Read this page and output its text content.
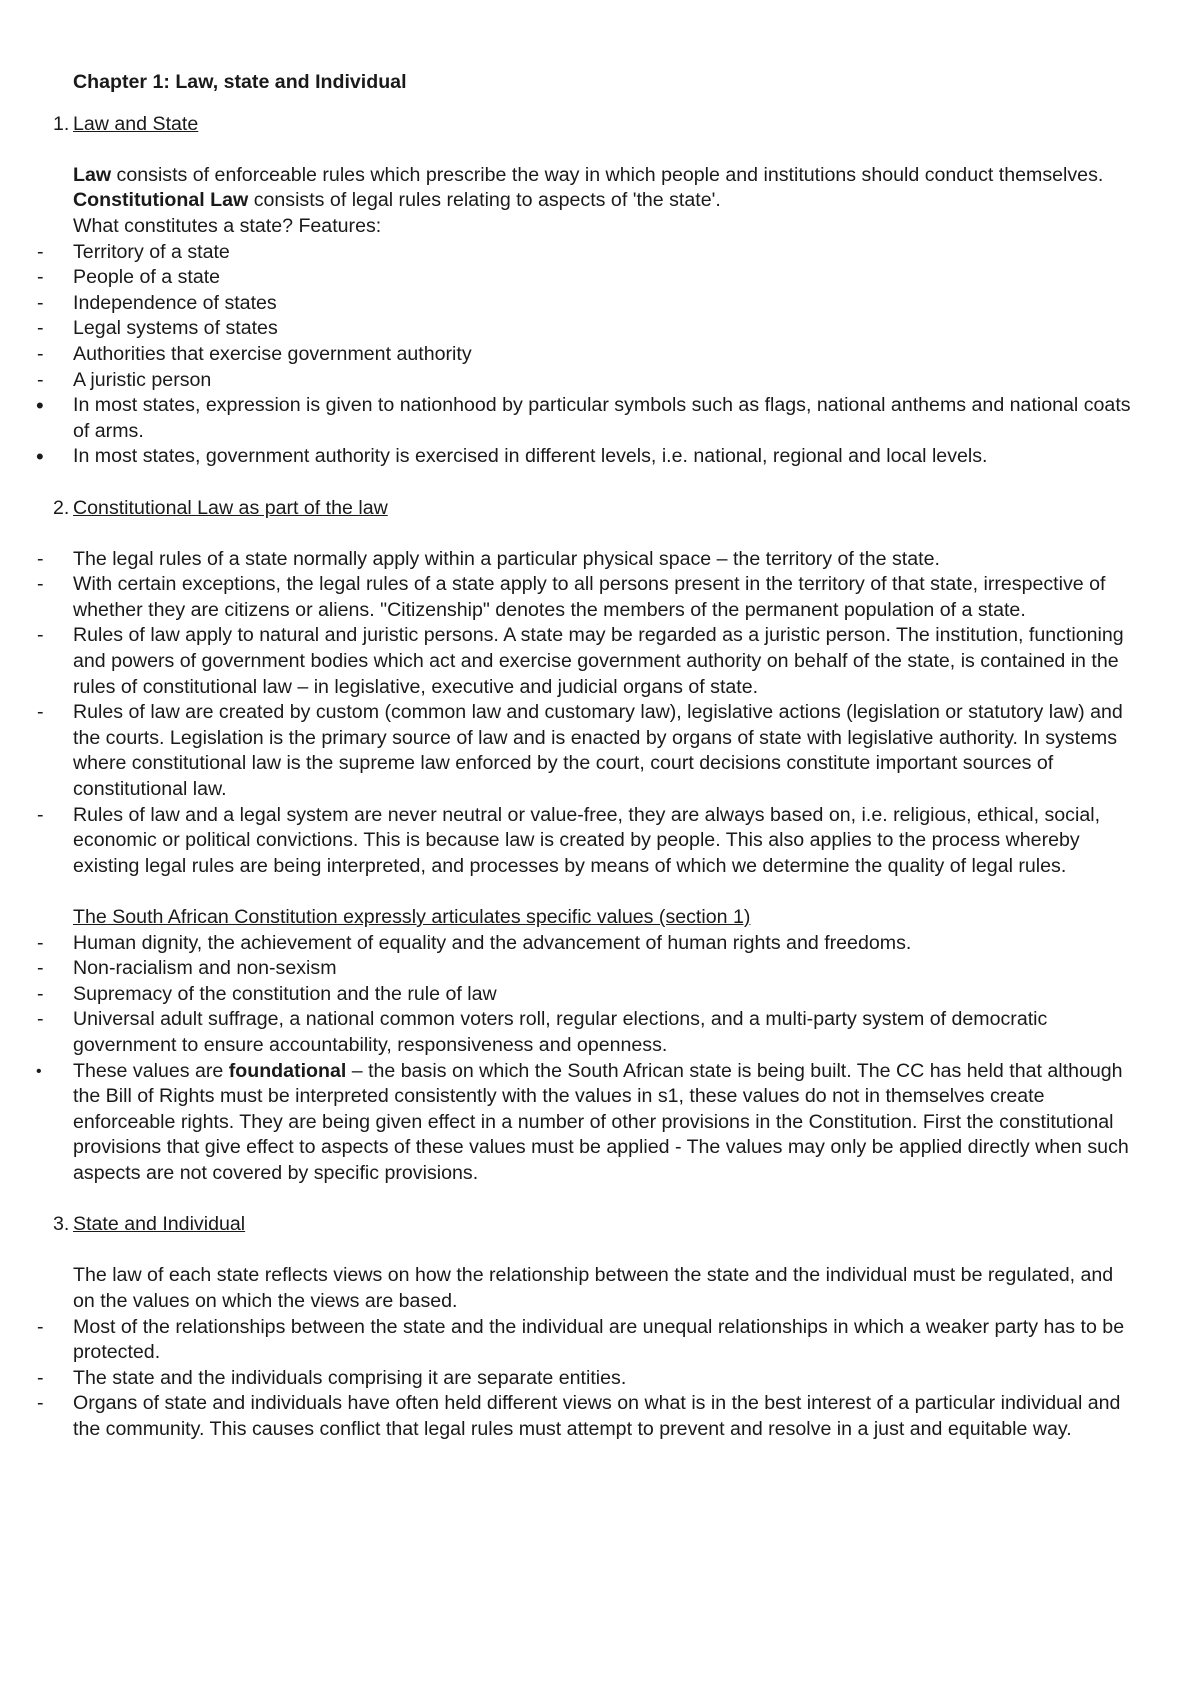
Chapter 1: Law, state and Individual

1. Law and State

Law consists of enforceable rules which prescribe the way in which people and institutions should conduct themselves.

Constitutional Law consists of legal rules relating to aspects of 'the state'.

What constitutes a state? Features:

-	Territory of a state
-	People of a state
-	Independence of states
-	Legal systems of states
-	Authorities that exercise government authority
-	A juristic person
•	In most states, expression is given to nationhood by particular symbols such as flags, national anthems and national coats of arms.
•	In most states, government authority is exercised in different levels, i.e. national, regional and local levels.
2. Constitutional Law as part of the law
-	The legal rules of a state normally apply within a particular physical space – the territory of the state.
-	With certain exceptions, the legal rules of a state apply to all persons present in the territory of that state, irrespective of whether they are citizens or aliens. "Citizenship" denotes the members of the permanent population of a state.
-	Rules of law apply to natural and juristic persons. A state may be regarded as a juristic person. The institution, functioning and powers of government bodies which act and exercise government authority on behalf of the state, is contained in the rules of constitutional law – in legislative, executive and judicial organs of state.
-	Rules of law are created by custom (common law and customary law), legislative actions (legislation or statutory law) and the courts. Legislation is the primary source of law and is enacted by organs of state with legislative authority. In systems where constitutional law is the supreme law enforced by the court, court decisions constitute important sources of constitutional law.
-	Rules of law and a legal system are never neutral or value-free, they are always based on, i.e. religious, ethical, social, economic or political convictions. This is because law is created by people. This also applies to the process whereby existing legal rules are being interpreted, and processes by means of which we determine the quality of legal rules.

The South African Constitution expressly articulates specific values (section 1)

-	Human dignity, the achievement of equality and the advancement of human rights and freedoms.
-	Non-racialism and non-sexism
-	Supremacy of the constitution and the rule of law
-	Universal adult suffrage, a national common voters roll, regular elections, and a multi-party system of democratic government to ensure accountability, responsiveness and openness.
•	These values are foundational – the basis on which the South African state is being built. The CC has held that although the Bill of Rights must be interpreted consistently with the values in s1, these values do not in themselves create enforceable rights. They are being given effect in a number of other provisions in the Constitution. First the constitutional provisions that give effect to aspects of these values must be applied - The values may only be applied directly when such aspects are not covered by specific provisions.
3. State and Individual

The law of each state reflects views on how the relationship between the state and the individual must be regulated, and on the values on which the views are based.

-	Most of the relationships between the state and the individual are unequal relationships in which a weaker party has to be protected.
-	The state and the individuals comprising it are separate entities.
-	Organs of state and individuals have often held different views on what is in the best interest of a particular individual and the community. This causes conflict that legal rules must attempt to prevent and resolve in a just and equitable way.
